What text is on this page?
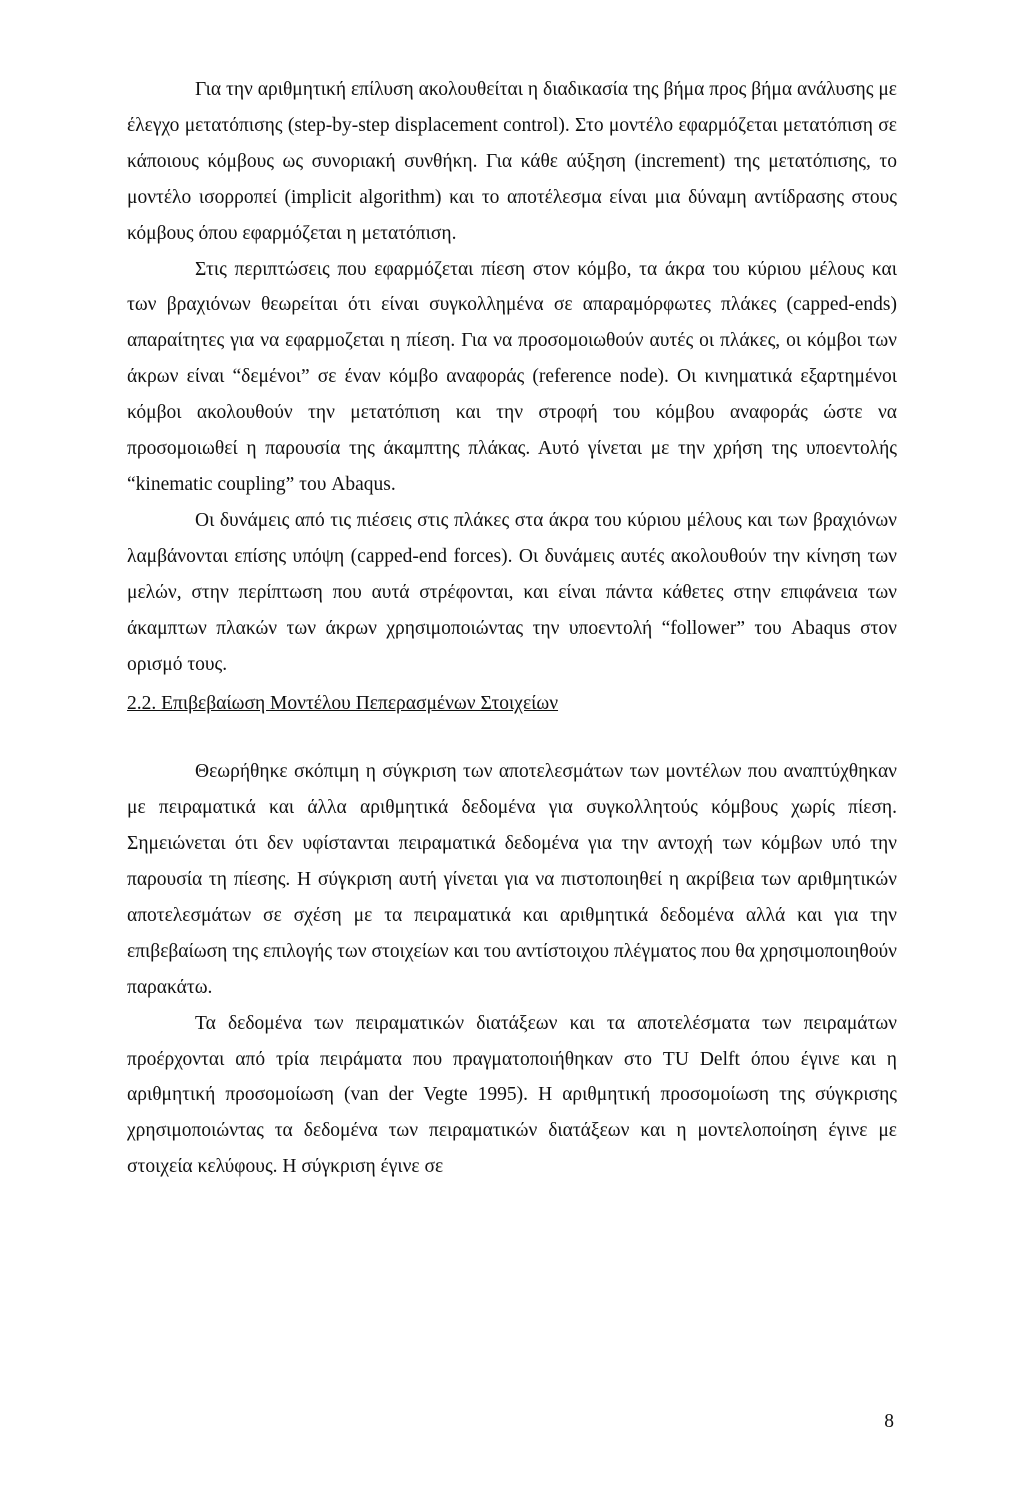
Για την αριθμητική επίλυση ακολουθείται η διαδικασία της βήμα προς βήμα ανάλυσης με έλεγχο μετατόπισης (step-by-step displacement control). Στο μοντέλο εφαρμόζεται μετατόπιση σε κάποιους κόμβους ως συνοριακή συνθήκη. Για κάθε αύξηση (increment) της μετατόπισης, το μοντέλο ισορροπεί (implicit algorithm) και το αποτέλεσμα είναι μια δύναμη αντίδρασης στους κόμβους όπου εφαρμόζεται η μετατόπιση.

Στις περιπτώσεις που εφαρμόζεται πίεση στον κόμβο, τα άκρα του κύριου μέλους και των βραχιόνων θεωρείται ότι είναι συγκολλημένα σε απαραμόρφωτες πλάκες (capped-ends) απαραίτητες για να εφαρμοζεται η πίεση. Για να προσομοιωθούν αυτές οι πλάκες, οι κόμβοι των άκρων είναι “δεμένοι” σε έναν κόμβο αναφοράς (reference node). Οι κινηματικά εξαρτημένοι κόμβοι ακολουθούν την μετατόπιση και την στροφή του κόμβου αναφοράς ώστε να προσομοιωθεί η παρουσία της άκαμπτης πλάκας. Αυτό γίνεται με την χρήση της υποεντολής “kinematic coupling” του Abaqus.

Οι δυνάμεις από τις πιέσεις στις πλάκες στα άκρα του κύριου μέλους και των βραχιόνων λαμβάνονται επίσης υπόψη (capped-end forces). Οι δυνάμεις αυτές ακολουθούν την κίνηση των μελών, στην περίπτωση που αυτά στρέφονται, και είναι πάντα κάθετες στην επιφάνεια των άκαμπτων πλακών των άκρων χρησιμοποιώντας την υποεντολή “follower” του Abaqus στον ορισμό τους.

2.2. Επιβεβαίωση Μοντέλου Πεπερασμένων Στοιχείων

Θεωρήθηκε σκόπιμη η σύγκριση των αποτελεσμάτων των μοντέλων που αναπτύχθηκαν με πειραματικά και άλλα αριθμητικά δεδομένα για συγκολλητούς κόμβους χωρίς πίεση. Σημειώνεται ότι δεν υφίστανται πειραματικά δεδομένα για την αντοχή των κόμβων υπό την παρουσία τη πίεσης. Η σύγκριση αυτή γίνεται για να πιστοποιηθεί η ακρίβεια των αριθμητικών αποτελεσμάτων σε σχέση με τα πειραματικά και αριθμητικά δεδομένα αλλά και για την επιβεβαίωση της επιλογής των στοιχείων και του αντίστοιχου πλέγματος που θα χρησιμοποιηθούν παρακάτω.

Τα δεδομένα των πειραματικών διατάξεων και τα αποτελέσματα των πειραμάτων προέρχονται από τρία πειράματα που πραγματοποιήθηκαν στο TU Delft όπου έγινε και η αριθμητική προσομοίωση (van der Vegte 1995). Η αριθμητική προσομοίωση της σύγκρισης χρησιμοποιώντας τα δεδομένα των πειραματικών διατάξεων και η μοντελοποίηση έγινε με στοιχεία κελύφους. Η σύγκριση έγινε σε

8
